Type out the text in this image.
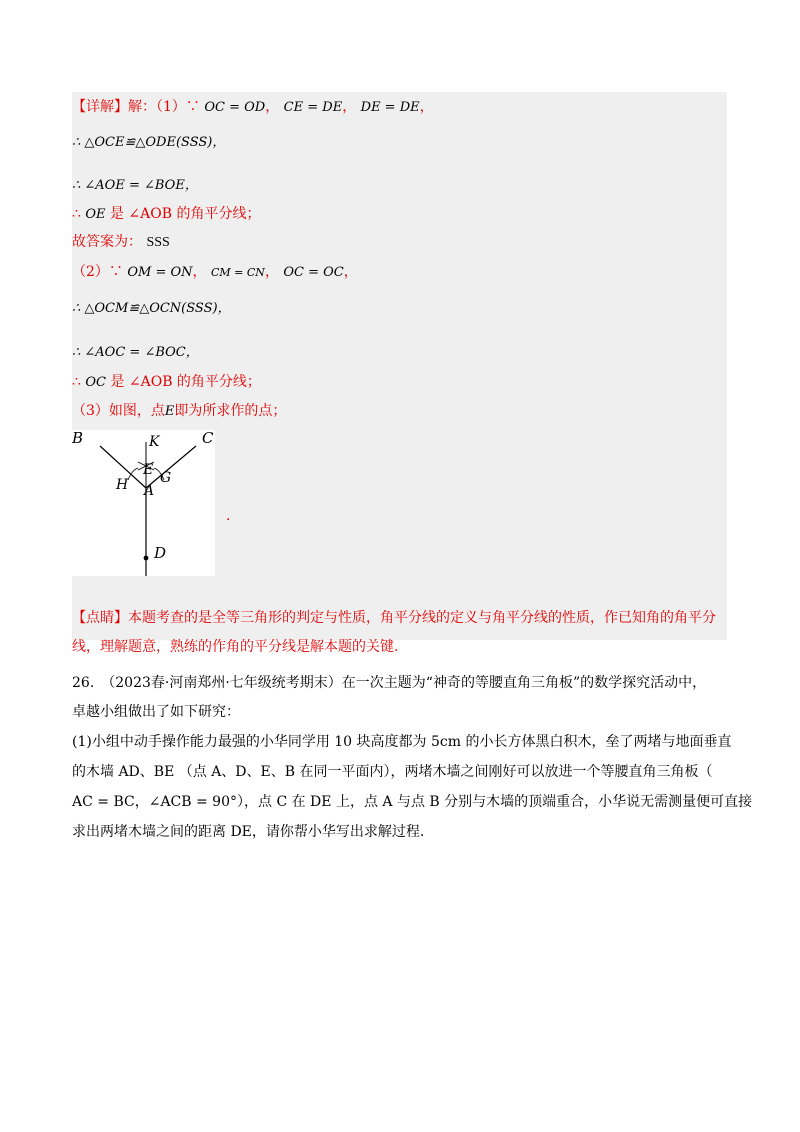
【详解】解：（1）∵ OC = OD， CE = DE， DE = DE，
∴ △OCE≌△ODE(SSS)，
∴ ∠AOE = ∠BOE，
∴ OE 是 ∠AOB 的角平分线；
故答案为： SSS
（2）∵ OM = ON， CM = CN， OC = OC，
∴ △OCM≌△OCN(SSS)，
∴ ∠AOC = ∠BOC，
∴ OC 是 ∠AOB 的角平分线；
（3）如图，点E即为所求作的点；
B	C
K
E G
H A
D
.
【点睛】本题考查的是全等三角形的判定与性质，角平分线的定义与角平分线的性质，作已知角的角平分
线，理解题意，熟练的作角的平分线是解本题的关键.
26.　（2023春·河南郑州·七年级统考期末）在一次主题为“神奇的等腰直角三角板”的数学探究活动中，
卓越小组做出了如下研究：
(1)小组中动手操作能力最强的小华同学用 10 块高度都为 5cm 的小长方体黑白积木，垒了两堵与地面垂直
的木墙 AD、BE （点 A、D、E、B 在同一平面内），两堵木墙之间刚好可以放进一个等腰直角三角板（
AC = BC，∠ACB = 90°），点 C 在 DE 上，点 A 与点 B 分别与木墙的顶端重合，小华说无需测量便可直接
求出两堵木墙之间的距离 DE，请你帮小华写出求解过程.
